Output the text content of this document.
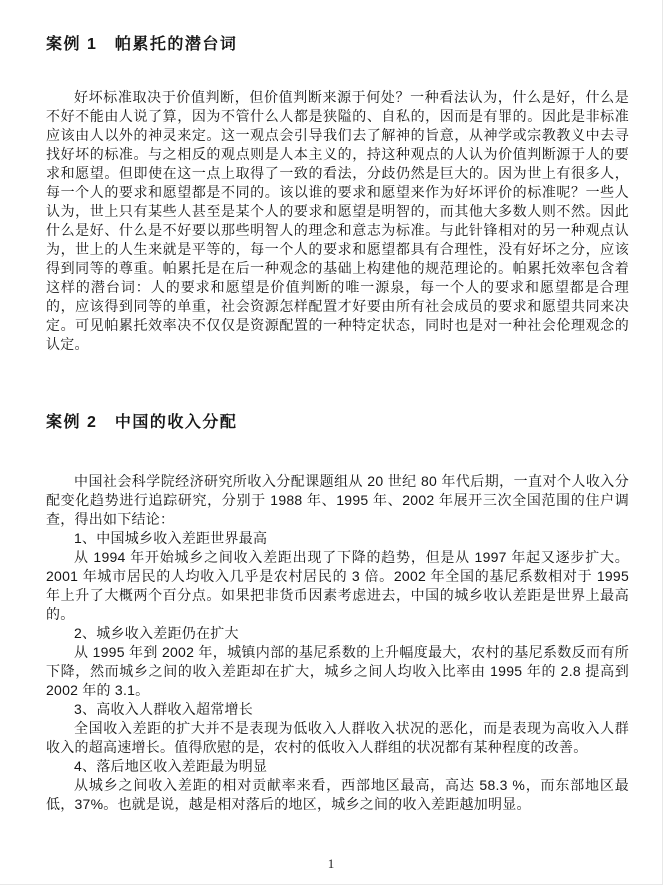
案例 1　帕累托的潜台词

好坏标准取决于价值判断，但价值判断来源于何处？一种看法认为，什么是好，什么是不好不能由人说了算，因为不管什么人都是狭隘的、自私的，因而是有罪的。因此是非标准应该由人以外的神灵来定。这一观点会引导我们去了解神的旨意，从神学或宗教教义中去寻找好坏的标准。与之相反的观点则是人本主义的，持这种观点的人认为价值判断源于人的要求和愿望。但即使在这一点上取得了一致的看法，分歧仍然是巨大的。因为世上有很多人，每一个人的要求和愿望都是不同的。该以谁的要求和愿望来作为好坏评价的标准呢？一些人认为，世上只有某些人甚至是某个人的要求和愿望是明智的，而其他大多数人则不然。因此什么是好、什么是不好要以那些明智人的理念和意志为标准。与此针锋相对的另一种观点认为，世上的人生来就是平等的，每一个人的要求和愿望都具有合理性，没有好坏之分，应该得到同等的尊重。帕累托是在后一种观念的基础上构建他的规范理论的。帕累托效率包含着这样的潜台词：人的要求和愿望是价值判断的唯一源泉，每一个人的要求和愿望都是合理的，应该得到同等的单重，社会资源怎样配置才好要由所有社会成员的要求和愿望共同来决定。可见帕累托效率决不仅仅是资源配置的一种特定状态，同时也是对一种社会伦理观念的认定。

案例 2　中国的收入分配

中国社会科学院经济研究所收入分配课题组从 20 世纪 80 年代后期，一直对个人收入分配变化趋势进行追踪研究，分别于 1988 年、1995 年、2002 年展开三次全国范围的住户调查，得出如下结论：

1、中国城乡收入差距世界最高

从 1994 年开始城乡之间收入差距出现了下降的趋势，但是从 1997 年起又逐步扩大。2001 年城市居民的人均收入几乎是农村居民的 3 倍。2002 年全国的基尼系数相对于 1995 年上升了大概两个百分点。如果把非货币因素考虑进去，中国的城乡收认差距是世界上最高的。

2、城乡收入差距仍在扩大

从 1995 年到 2002 年，城镇内部的基尼系数的上升幅度最大，农村的基尼系数反而有所下降，然而城乡之间的收入差距却在扩大，城乡之间人均收入比率由 1995 年的 2.8 提高到 2002 年的 3.1。

3、高收入人群收入超常增长

全国收入差距的扩大并不是表现为低收入人群收入状况的恶化，而是表现为高收入人群收入的超高速增长。值得欣慰的是，农村的低收入人群组的状况都有某种程度的改善。

4、落后地区收入差距最为明显

从城乡之间收入差距的相对贡献率来看，西部地区最高，高达 58.3 %，而东部地区最低，37%。也就是说，越是相对落后的地区，城乡之间的收入差距越加明显。

1
